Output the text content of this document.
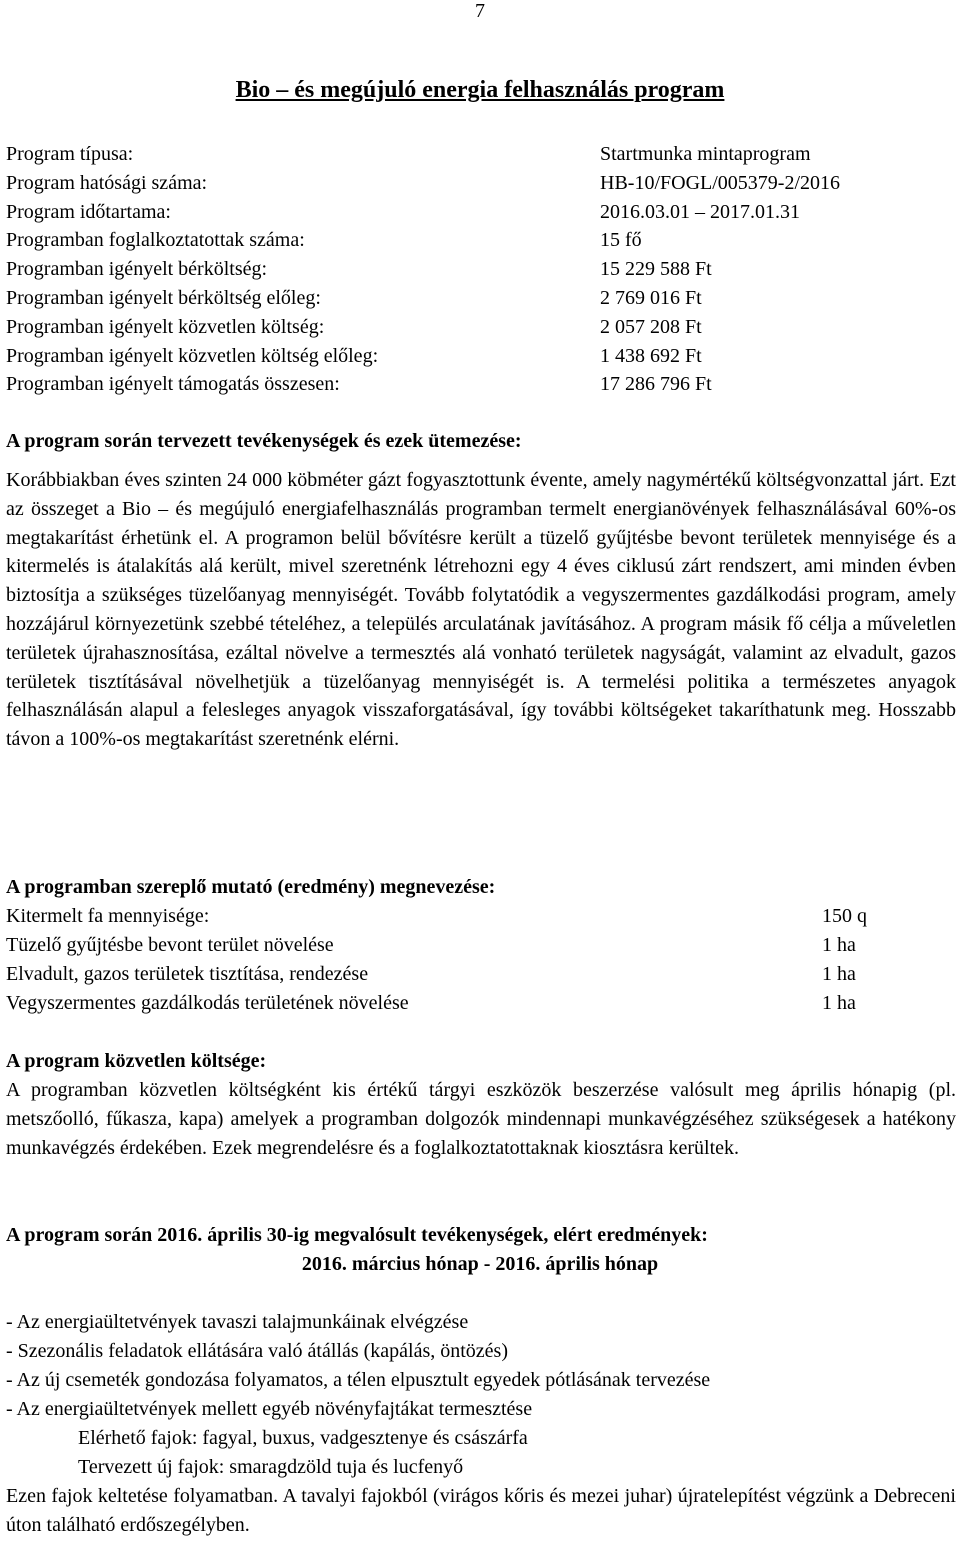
7
Bio – és megújuló energia felhasználás program
Program típusa:	Startmunka mintaprogram
Program hatósági száma:	HB-10/FOGL/005379-2/2016
Program időtartama:	2016.03.01 – 2017.01.31
Programban foglalkoztatottak száma:	15 fő
Programban igényelt bérköltség:	15 229 588 Ft
Programban igényelt bérköltség előleg:	2 769 016 Ft
Programban igényelt közvetlen költség:	2 057 208 Ft
Programban igényelt közvetlen költség előleg:	1 438 692 Ft
Programban igényelt támogatás összesen:	17 286 796 Ft
A program során tervezett tevékenységek és ezek ütemezése:
Korábbiakban éves szinten 24 000 köbméter gázt fogyasztottunk évente, amely nagymértékű költségvonzattal járt. Ezt az összeget a Bio – és megújuló energiafelhasználás programban termelt energianövények felhasználásával 60%-os megtakarítást érhetünk el. A programon belül bővítésre került a tüzelő gyűjtésbe bevont területek mennyisége és a kitermelés is átalakítás alá került, mivel szeretnénk létrehozni egy 4 éves ciklusú zárt rendszert, ami minden évben biztosítja a szükséges tüzelőanyag mennyiségét. Tovább folytatódik a vegyszermentes gazdálkodási program, amely hozzájárul környezetünk szebbé tételéhez, a település arculatának javításához. A program másik fő célja a műveletlen területek újrahasznosítása, ezáltal növelve a termesztés alá vonható területek nagyságát, valamint az elvadult, gazos területek tisztításával növelhetjük a tüzelőanyag mennyiségét is. A termelési politika a természetes anyagok felhasználásán alapul a felesleges anyagok visszaforgatásával, így további költségeket takaríthatunk meg. Hosszabb távon a 100%-os megtakarítást szeretnénk elérni.
A programban szereplő mutató (eredmény) megnevezése:
Kitermelt fa mennyisége:	150 q
Tüzelő gyűjtésbe bevont terület növelése	1 ha
Elvadult, gazos területek tisztítása, rendezése	1 ha
Vegyszermentes gazdálkodás területének növelése	1 ha
A program közvetlen költsége:
A programban közvetlen költségként kis értékű tárgyi eszközök beszerzése valósult meg április hónapig (pl. metszőolló, fűkasza, kapa) amelyek a programban dolgozók mindennapi munkavégzéséhez szükségesek a hatékony munkavégzés érdekében. Ezek megrendelésre és a foglalkoztatottaknak kiosztásra kerültek.
A program során 2016. április 30-ig megvalósult tevékenységek, elért eredmények:
2016. március hónap - 2016. április hónap
- Az energiaültetvények tavaszi talajmunkáinak elvégzése
- Szezonális feladatok ellátására való átállás (kapálás, öntözés)
- Az új csemeték gondozása folyamatos, a télen elpusztult egyedek pótlásának tervezése
- Az energiaültetvények mellett egyéb növényfajtákat termesztése
Elérhető fajok: fagyal, buxus, vadgesztenye és császárfa
Tervezett új fajok: smaragdzöld tuja és lucfenyő
Ezen fajok keltetése folyamatban. A tavalyi fajokból (virágos kőris és mezei juhar) újratelepítést végzünk a Debreceni úton található erdőszegélyben.
